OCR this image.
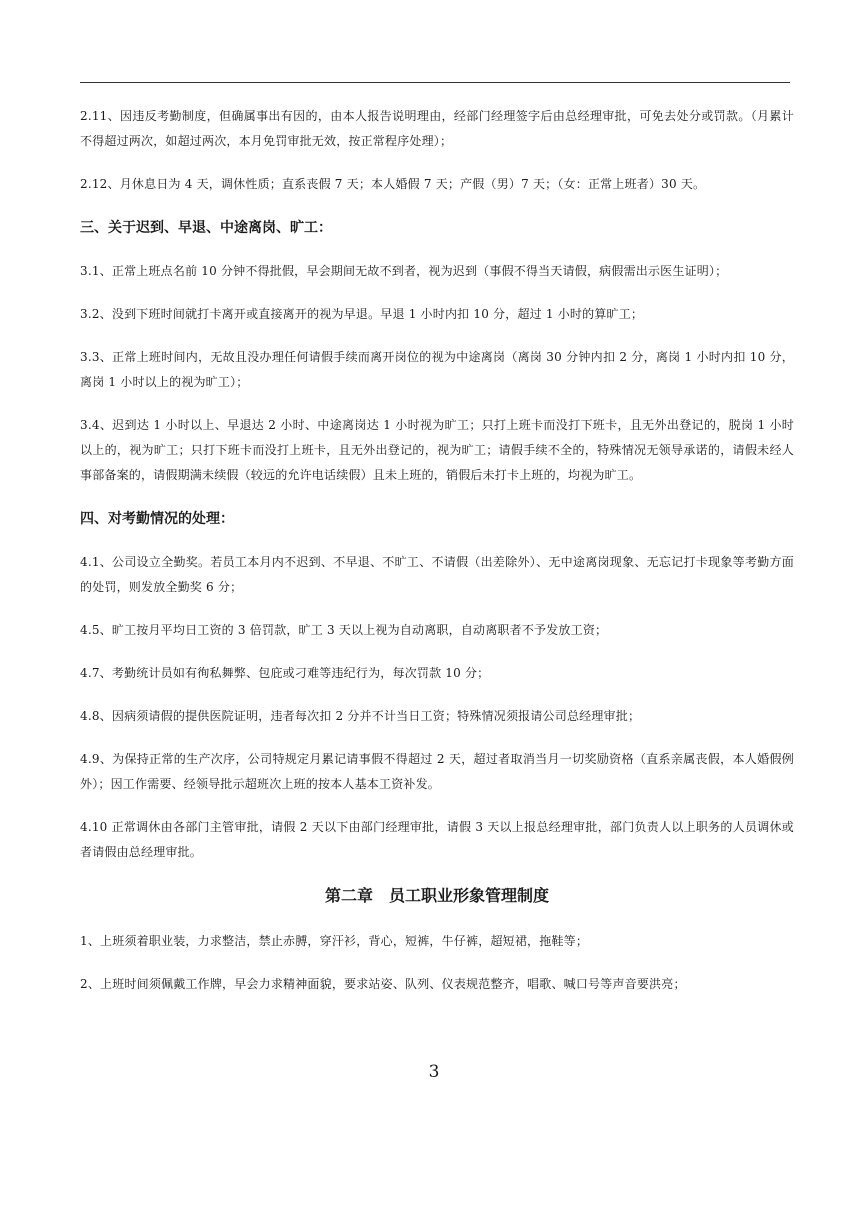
2.11、因违反考勤制度，但确属事出有因的，由本人报告说明理由，经部门经理签字后由总经理审批，可免去处分或罚款。（月累计不得超过两次，如超过两次，本月免罚审批无效，按正常程序处理）；

2.12、月休息日为 4 天，调休性质；直系丧假 7 天；本人婚假 7 天；产假（男）7 天；（女：正常上班者）30 天。

三、关于迟到、早退、中途离岗、旷工：

3.1、正常上班点名前 10 分钟不得批假，早会期间无故不到者，视为迟到（事假不得当天请假，病假需出示医生证明）；

3.2、没到下班时间就打卡离开或直接离开的视为早退。早退 1 小时内扣 10 分，超过 1 小时的算旷工；

3.3、正常上班时间内，无故且没办理任何请假手续而离开岗位的视为中途离岗（离岗 30 分钟内扣 2 分，离岗 1 小时内扣 10 分，离岗 1 小时以上的视为旷工）；

3.4、迟到达 1 小时以上、早退达 2 小时、中途离岗达 1 小时视为旷工；只打上班卡而没打下班卡，且无外出登记的，脱岗 1 小时以上的，视为旷工；只打下班卡而没打上班卡，且无外出登记的，视为旷工；请假手续不全的，特殊情况无领导承诺的，请假未经人事部备案的，请假期满未续假（较远的允许电话续假）且未上班的，销假后未打卡上班的，均视为旷工。

四、对考勤情况的处理：

4.1、公司设立全勤奖。若员工本月内不迟到、不早退、不旷工、不请假（出差除外）、无中途离岗现象、无忘记打卡现象等考勤方面的处罚，则发放全勤奖 6 分；

4.5、旷工按月平均日工资的 3 倍罚款，旷工 3 天以上视为自动离职，自动离职者不予发放工资；

4.7、考勤统计员如有徇私舞弊、包庇或刁难等违纪行为，每次罚款 10 分；

4.8、因病须请假的提供医院证明，违者每次扣 2 分并不计当日工资；特殊情况须报请公司总经理审批；

4.9、为保持正常的生产次序，公司特规定月累记请事假不得超过 2 天，超过者取消当月一切奖励资格（直系亲属丧假，本人婚假例外）；因工作需要、经领导批示超班次上班的按本人基本工资补发。

4.10 正常调休由各部门主管审批，请假 2 天以下由部门经理审批，请假 3 天以上报总经理审批，部门负责人以上职务的人员调休或者请假由总经理审批。

第二章　员工职业形象管理制度

1、上班须着职业装，力求整洁，禁止赤膊，穿汗衫，背心，短裤，牛仔裤，超短裙，拖鞋等；

2、上班时间须佩戴工作牌，早会力求精神面貌，要求站姿、队列、仪表规范整齐，唱歌、喊口号等声音要洪亮；

3
